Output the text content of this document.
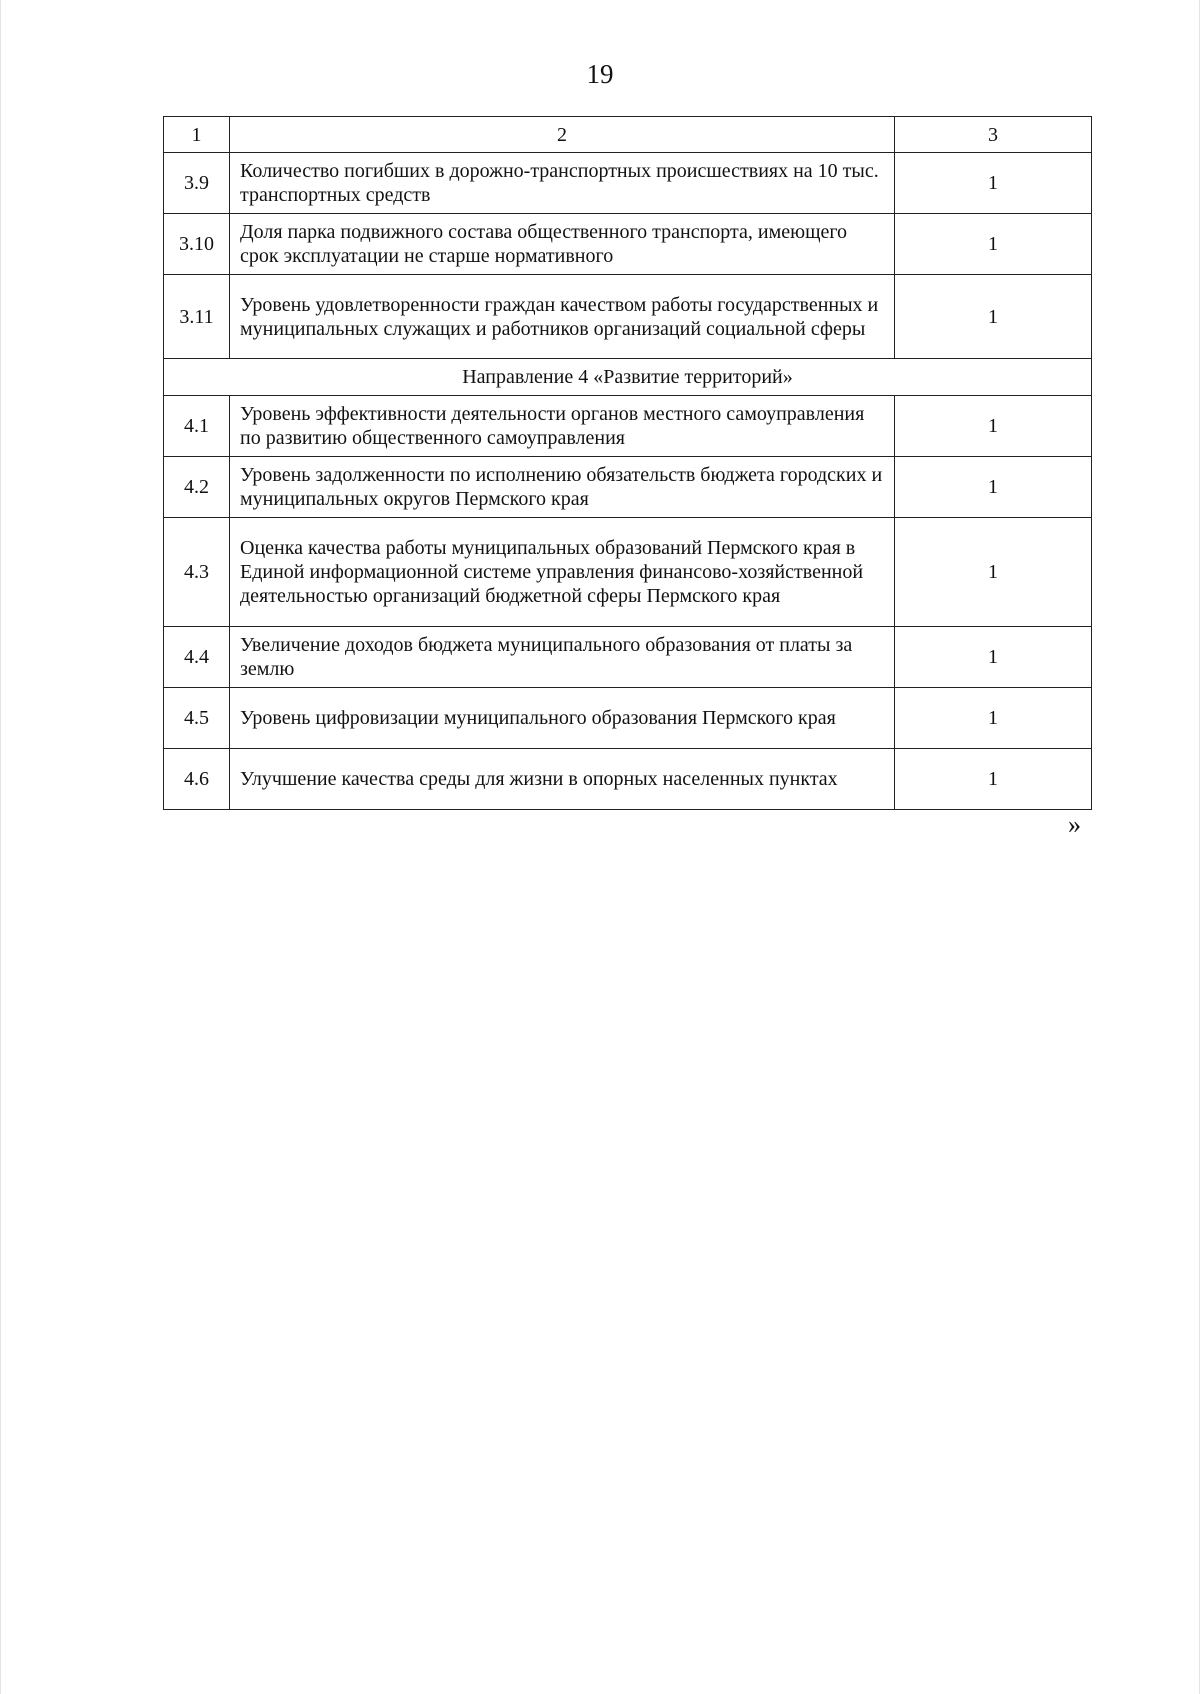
19
1	2	3
3.9	Количество погибших в дорожно-транспортных происшествиях на 10 тыс. транспортных средств	1
3.10	Доля парка подвижного состава общественного транспорта, имеющего срок эксплуатации не старше нормативного	1
3.11	Уровень удовлетворенности граждан качеством работы государственных и муниципальных служащих и работников организаций социальной сферы	1
Направление 4 «Развитие территорий»		
4.1	Уровень эффективности деятельности органов местного самоуправления по развитию общественного самоуправления	1
4.2	Уровень задолженности по исполнению обязательств бюджета городских и муниципальных округов Пермского края	1
4.3	Оценка качества работы муниципальных образований Пермского края в Единой информационной системе управления финансово-хозяйственной деятельностью организаций бюджетной сферы Пермского края	1
4.4	Увеличение доходов бюджета муниципального образования от платы за землю	1
4.5	Уровень цифровизации муниципального образования Пермского края	1
4.6	Улучшение качества среды для жизни в опорных населенных пунктах	1
»
